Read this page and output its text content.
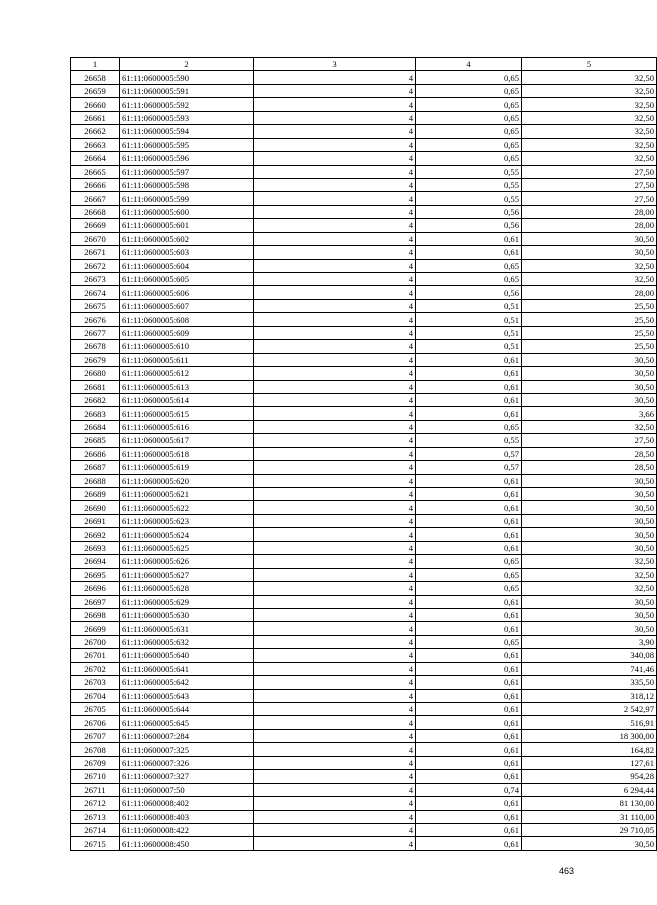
1	2	3	4	5
26658	61:11:0600005:590	4	0,65	32,50
26659	61:11:0600005:591	4	0,65	32,50
26660	61:11:0600005:592	4	0,65	32,50
26661	61:11:0600005:593	4	0,65	32,50
26662	61:11:0600005:594	4	0,65	32,50
26663	61:11:0600005:595	4	0,65	32,50
26664	61:11:0600005:596	4	0,65	32,50
26665	61:11:0600005:597	4	0,55	27,50
26666	61:11:0600005:598	4	0,55	27,50
26667	61:11:0600005:599	4	0,55	27,50
26668	61:11:0600005:600	4	0,56	28,00
26669	61:11:0600005:601	4	0,56	28,00
26670	61:11:0600005:602	4	0,61	30,50
26671	61:11:0600005:603	4	0,61	30,50
26672	61:11:0600005:604	4	0,65	32,50
26673	61:11:0600005:605	4	0,65	32,50
26674	61:11:0600005:606	4	0,56	28,00
26675	61:11:0600005:607	4	0,51	25,50
26676	61:11:0600005:608	4	0,51	25,50
26677	61:11:0600005:609	4	0,51	25,50
26678	61:11:0600005:610	4	0,51	25,50
26679	61:11:0600005:611	4	0,61	30,50
26680	61:11:0600005:612	4	0,61	30,50
26681	61:11:0600005:613	4	0,61	30,50
26682	61:11:0600005:614	4	0,61	30,50
26683	61:11:0600005:615	4	0,61	3,66
26684	61:11:0600005:616	4	0,65	32,50
26685	61:11:0600005:617	4	0,55	27,50
26686	61:11:0600005:618	4	0,57	28,50
26687	61:11:0600005:619	4	0,57	28,50
26688	61:11:0600005:620	4	0,61	30,50
26689	61:11:0600005:621	4	0,61	30,50
26690	61:11:0600005:622	4	0,61	30,50
26691	61:11:0600005:623	4	0,61	30,50
26692	61:11:0600005:624	4	0,61	30,50
26693	61:11:0600005:625	4	0,61	30,50
26694	61:11:0600005:626	4	0,65	32,50
26695	61:11:0600005:627	4	0,65	32,50
26696	61:11:0600005:628	4	0,65	32,50
26697	61:11:0600005:629	4	0,61	30,50
26698	61:11:0600005:630	4	0,61	30,50
26699	61:11:0600005:631	4	0,61	30,50
26700	61:11:0600005:632	4	0,65	3,90
26701	61:11:0600005:640	4	0,61	340,08
26702	61:11:0600005:641	4	0,61	741,46
26703	61:11:0600005:642	4	0,61	335,50
26704	61:11:0600005:643	4	0,61	318,12
26705	61:11:0600005:644	4	0,61	2 542,97
26706	61:11:0600005:645	4	0,61	516,91
26707	61:11:0600007:284	4	0,61	18 300,00
26708	61:11:0600007:325	4	0,61	164,82
26709	61:11:0600007:326	4	0,61	127,61
26710	61:11:0600007:327	4	0,61	954,28
26711	61:11:0600007:50	4	0,74	6 294,44
26712	61:11:0600008:402	4	0,61	81 130,00
26713	61:11:0600008:403	4	0,61	31 110,00
26714	61:11:0600008:422	4	0,61	29 710,05
26715	61:11:0600008:450	4	0,61	30,50
463
